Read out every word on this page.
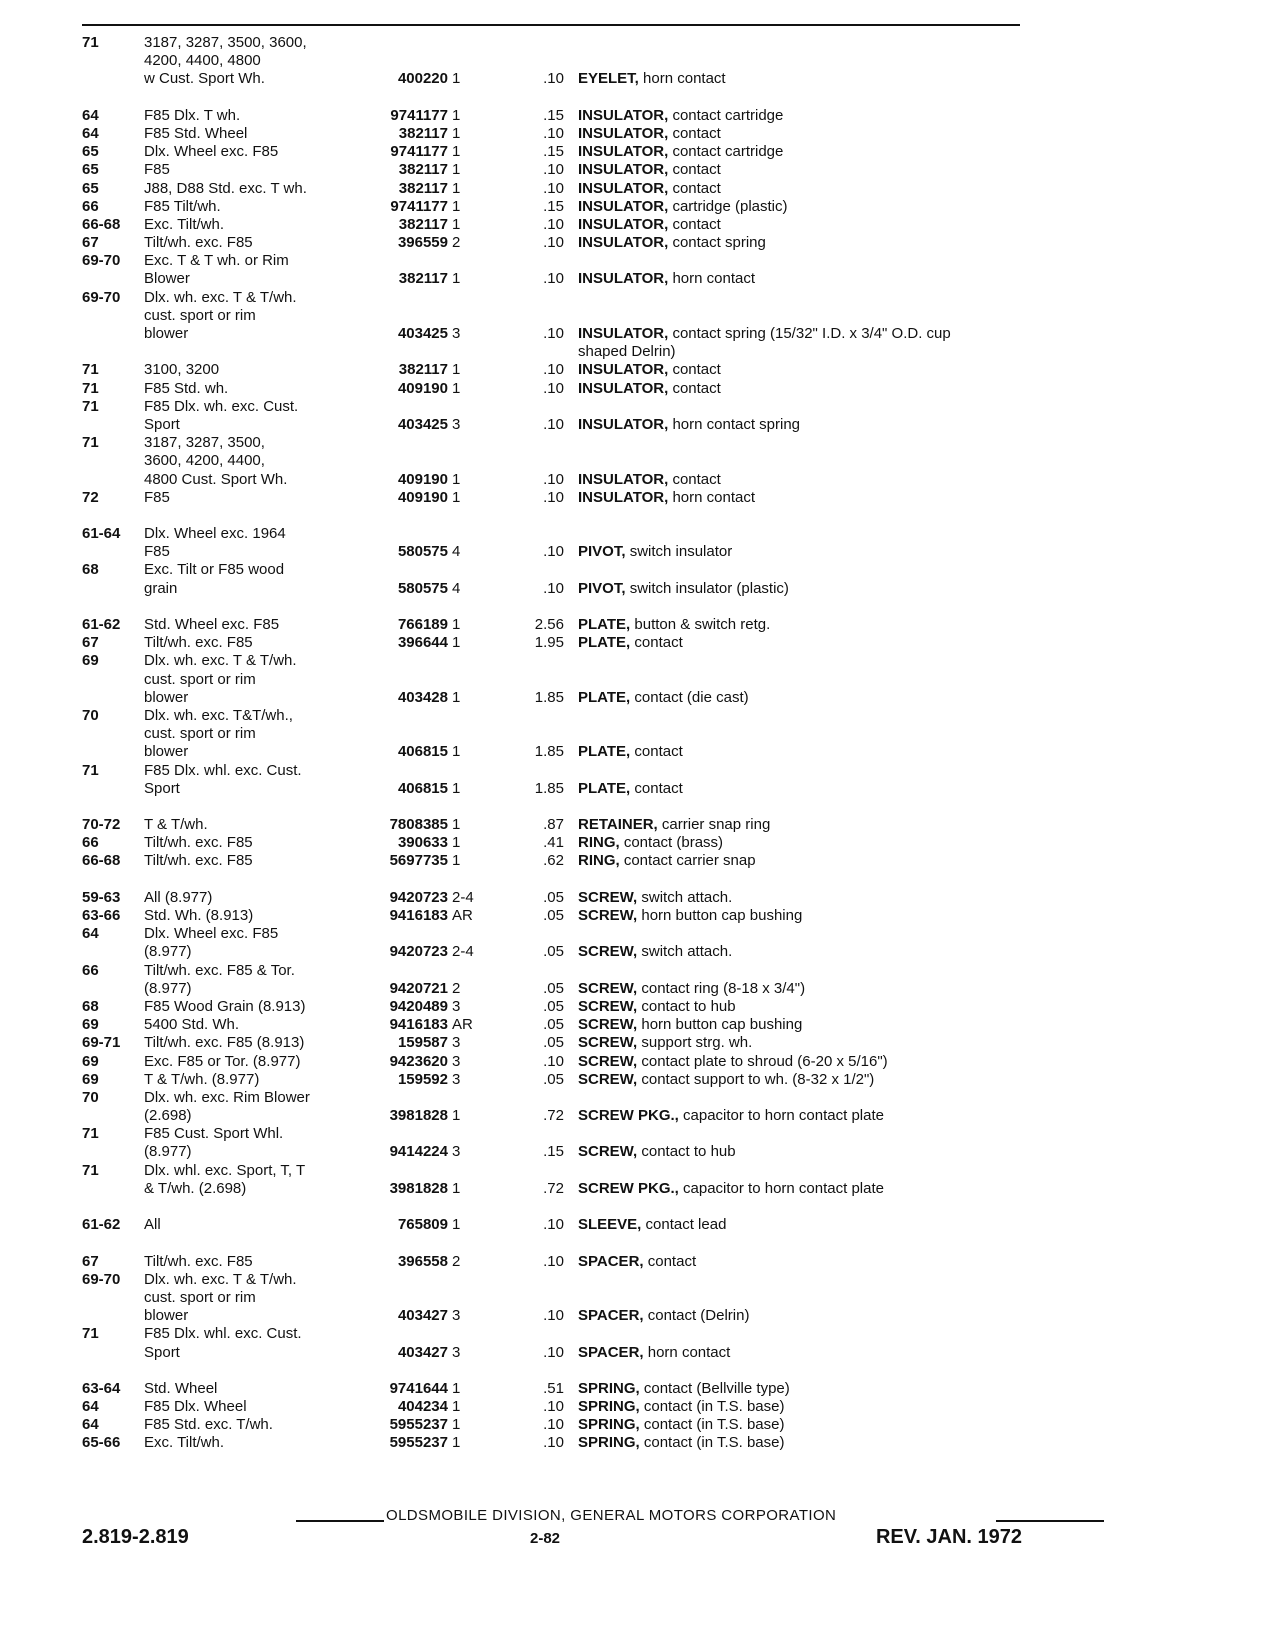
71	3187, 3287, 3500, 3600,
4200, 4400, 4800
w Cust. Sport Wh.	400220 1	.10 EYELET, horn contact
64	F85 Dlx. T wh.	9741177 1	.15 INSULATOR, contact cartridge
64	F85 Std. Wheel	382117 1	.10 INSULATOR, contact
65	Dlx. Wheel exc. F85	9741177 1	.15 INSULATOR, contact cartridge
65	F85	382117 1	.10 INSULATOR, contact
65	J88, D88 Std. exc. T wh.	382117 1	.10 INSULATOR, contact
66	F85 Tilt/wh.	9741177 1	.15 INSULATOR, cartridge (plastic)
66-68	Exc. Tilt/wh.	382117 1	.10 INSULATOR, contact
67	Tilt/wh. exc. F85	396559 2	.10 INSULATOR, contact spring
69-70	Exc. T & T wh. or Rim
Blower	382117 1	.10 INSULATOR, horn contact
69-70	Dlx. wh. exc. T & T/wh.
cust. sport or rim
blower	403425 3	.10 INSULATOR, contact spring (15/32" I.D. x 3/4" O.D. cup
shaped Delrin)
71	3100, 3200	382117 1	.10 INSULATOR, contact
71	F85 Std. wh.	409190 1	.10 INSULATOR, contact
71	F85 Dlx. wh. exc. Cust.
Sport	403425 3	.10 INSULATOR, horn contact spring
71	3187, 3287, 3500,
3600, 4200, 4400,
4800 Cust. Sport Wh.	409190 1	.10 INSULATOR, contact
72	F85	409190 1	.10 INSULATOR, horn contact
61-64	Dlx. Wheel exc. 1964
F85	580575 4	.10 PIVOT, switch insulator
68	Exc. Tilt or F85 wood
grain	580575 4	.10 PIVOT, switch insulator (plastic)
61-62	Std. Wheel exc. F85	766189 1	2.56 PLATE, button & switch retg.
67	Tilt/wh. exc. F85	396644 1	1.95 PLATE, contact
69	Dlx. wh. exc. T & T/wh.
cust. sport or rim
blower	403428 1	1.85 PLATE, contact (die cast)
70	Dlx. wh. exc. T&T/wh.,
cust. sport or rim
blower	406815 1	1.85 PLATE, contact
71	F85 Dlx. whl. exc. Cust.
Sport	406815 1	1.85 PLATE, contact
70-72	T & T/wh.	7808385 1	.87 RETAINER, carrier snap ring
66	Tilt/wh. exc. F85	390633 1	.41 RING, contact (brass)
66-68	Tilt/wh. exc. F85	5697735 1	.62 RING, contact carrier snap
59-63	All (8.977)	9420723 2-4	.05 SCREW, switch attach.
63-66	Std. Wh. (8.913)	9416183 AR	.05 SCREW, horn button cap bushing
64	Dlx. Wheel exc. F85
(8.977)	9420723 2-4	.05 SCREW, switch attach.
66	Tilt/wh. exc. F85 & Tor.
(8.977)	9420721 2	.05 SCREW, contact ring (8-18 x 3/4")
68	F85 Wood Grain (8.913)	9420489 3	.05 SCREW, contact to hub
69	5400 Std. Wh.	9416183 AR	.05 SCREW, horn button cap bushing
69-71	Tilt/wh. exc. F85 (8.913)	159587 3	.05 SCREW, support strg. wh.
69	Exc. F85 or Tor. (8.977)	9423620 3	.10 SCREW, contact plate to shroud (6-20 x 5/16")
69	T & T/wh. (8.977)	159592 3	.05 SCREW, contact support to wh. (8-32 x 1/2")
70	Dlx. wh. exc. Rim Blower
(2.698)	3981828 1	.72 SCREW PKG., capacitor to horn contact plate
71	F85 Cust. Sport Whl.
(8.977)	9414224 3	.15 SCREW, contact to hub
71	Dlx. whl. exc. Sport, T, T
& T/wh. (2.698)	3981828 1	.72 SCREW PKG., capacitor to horn contact plate
61-62	All	765809 1	.10 SLEEVE, contact lead
67	Tilt/wh. exc. F85	396558 2	.10 SPACER, contact
69-70	Dlx. wh. exc. T & T/wh.
cust. sport or rim
blower	403427 3	.10 SPACER, contact (Delrin)
71	F85 Dlx. whl. exc. Cust.
Sport	403427 3	.10 SPACER, horn contact
63-64	Std. Wheel	9741644 1	.51 SPRING, contact (Bellville type)
64	F85 Dlx. Wheel	404234 1	.10 SPRING, contact (in T.S. base)
64	F85 Std. exc. T/wh.	5955237 1	.10 SPRING, contact (in T.S. base)
65-66	Exc. Tilt/wh.	5955237 1	.10 SPRING, contact (in T.S. base)
OLDSMOBILE DIVISION, GENERAL MOTORS CORPORATION
2.819-2.819	2-82	REV. JAN. 1972
